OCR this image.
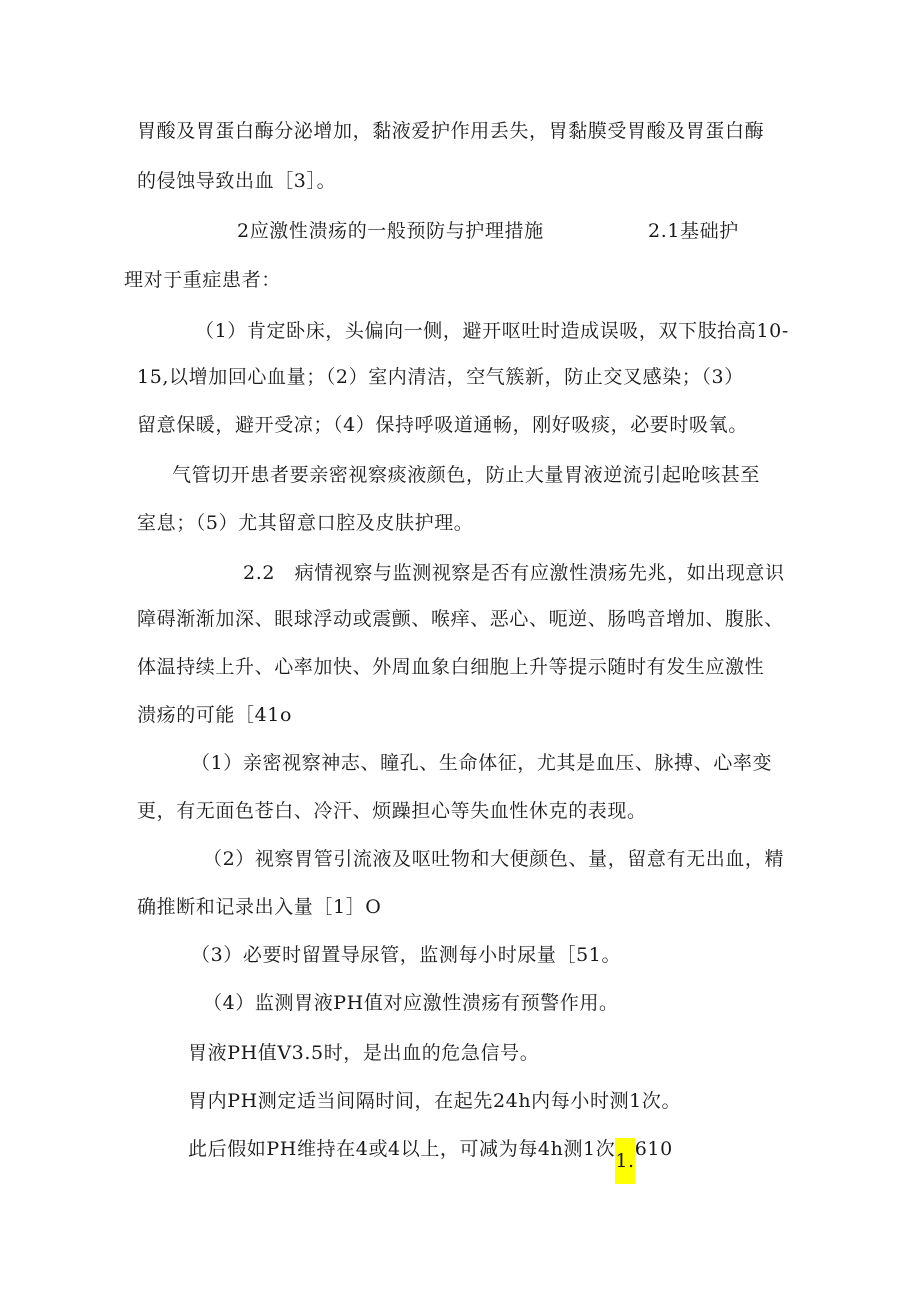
胃酸及胃蛋白酶分泌增加，黏液爱护作用丢失，胃黏膜受胃酸及胃蛋白酶
的侵蚀导致出血［3］。
2应激性溃疡的一般预防与护理措施	2.1基础护
理对于重症患者：
（1）肯定卧床，头偏向一侧，避开呕吐时造成误吸，双下肢抬高10-
15,以增加回心血量；（2）室内清洁，空气簇新，防止交叉感染；（3）
留意保暖，避开受凉；（4）保持呼吸道通畅，刚好吸痰，必要时吸氧。
气管切开患者要亲密视察痰液颜色，防止大量胃液逆流引起呛咳甚至
室息；（5）尤其留意口腔及皮肤护理。
2.2　病情视察与监测视察是否有应激性溃疡先兆，如出现意识
障碍渐渐加深、眼球浮动或震颤、喉痒、恶心、呃逆、肠鸣音增加、腹胀、
体温持续上升、心率加快、外周血象白细胞上升等提示随时有发生应激性
溃疡的可能［41o
（1）亲密视察神志、瞳孔、生命体征，尤其是血压、脉搏、心率变
更，有无面色苍白、冷汗、烦躁担心等失血性休克的表现。
（2）视察胃管引流液及呕吐物和大便颜色、量，留意有无出血，精
确推断和记录出入量［1］O
（3）必要时留置导尿管，监测每小时尿量［51。
（4）监测胃液PH值对应激性溃疡有预警作用。
胃液PH值V3.5时，是出血的危急信号。
胃内PH测定适当间隔时间，在起先24h内每小时测1次。
此后假如PH维持在4或4以上，可减为每4h测1次1.610
